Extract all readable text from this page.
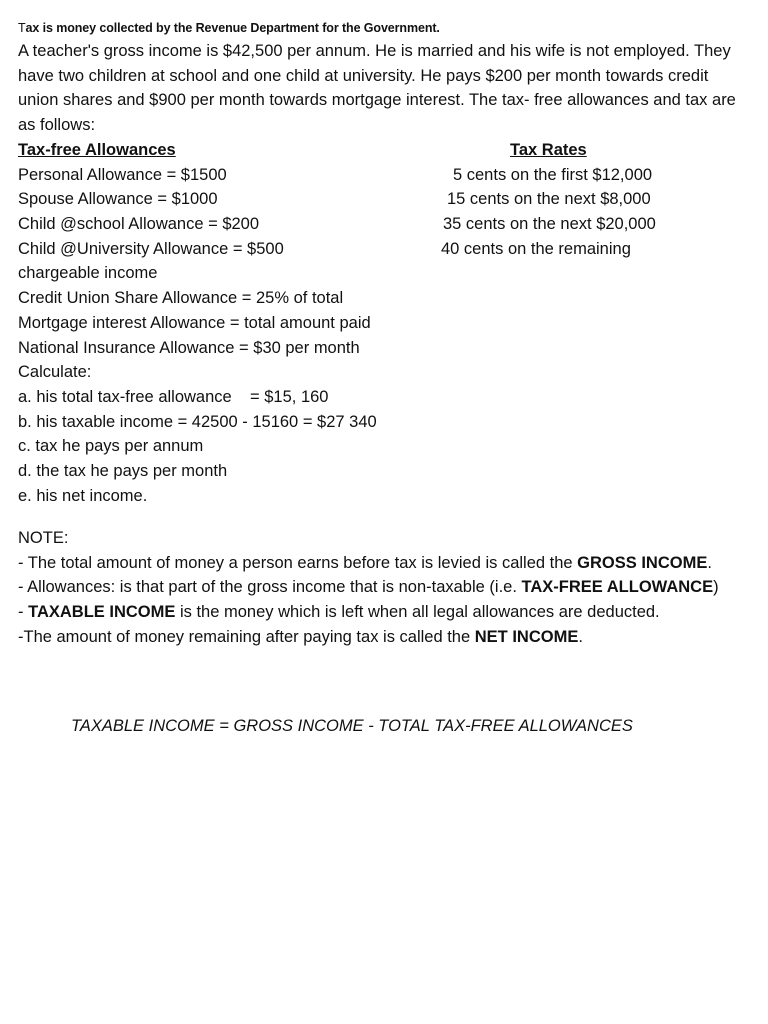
Tax is money collected by the Revenue Department for the Government.

A teacher's gross income is $42,500 per annum. He is married and his wife is not employed. They have two children at school and one child at university. He pays $200 per month towards credit union shares and $900 per month towards mortgage interest. The tax- free allowances and tax are as follows:

Tax-free Allowances	Tax Rates
Personal Allowance = $1500	5 cents on the first $12,000
Spouse Allowance = $1000	15 cents on the next $8,000
Child @school Allowance = $200	35 cents on the next $20,000
Child @University Allowance = $500	40 cents on the remaining
chargeable income
Credit Union Share Allowance = 25% of total
Mortgage interest Allowance = total amount paid
National Insurance Allowance = $30 per month
Calculate:
a. his total tax-free allowance    = $15, 160
b. his taxable income = 42500 - 15160 = $27 340
c. tax he pays per annum
d. the tax he pays per month
e. his net income.

NOTE:

- The total amount of money a person earns before tax is levied is called the GROSS INCOME.

- Allowances: is that part of the gross income that is non-taxable (i.e. TAX-FREE ALLOWANCE)

- TAXABLE INCOME is the money which is left when all legal allowances are deducted.

-The amount of money remaining after paying tax is called the NET INCOME.

TAXABLE INCOME = GROSS INCOME - TOTAL TAX-FREE ALLOWANCES
